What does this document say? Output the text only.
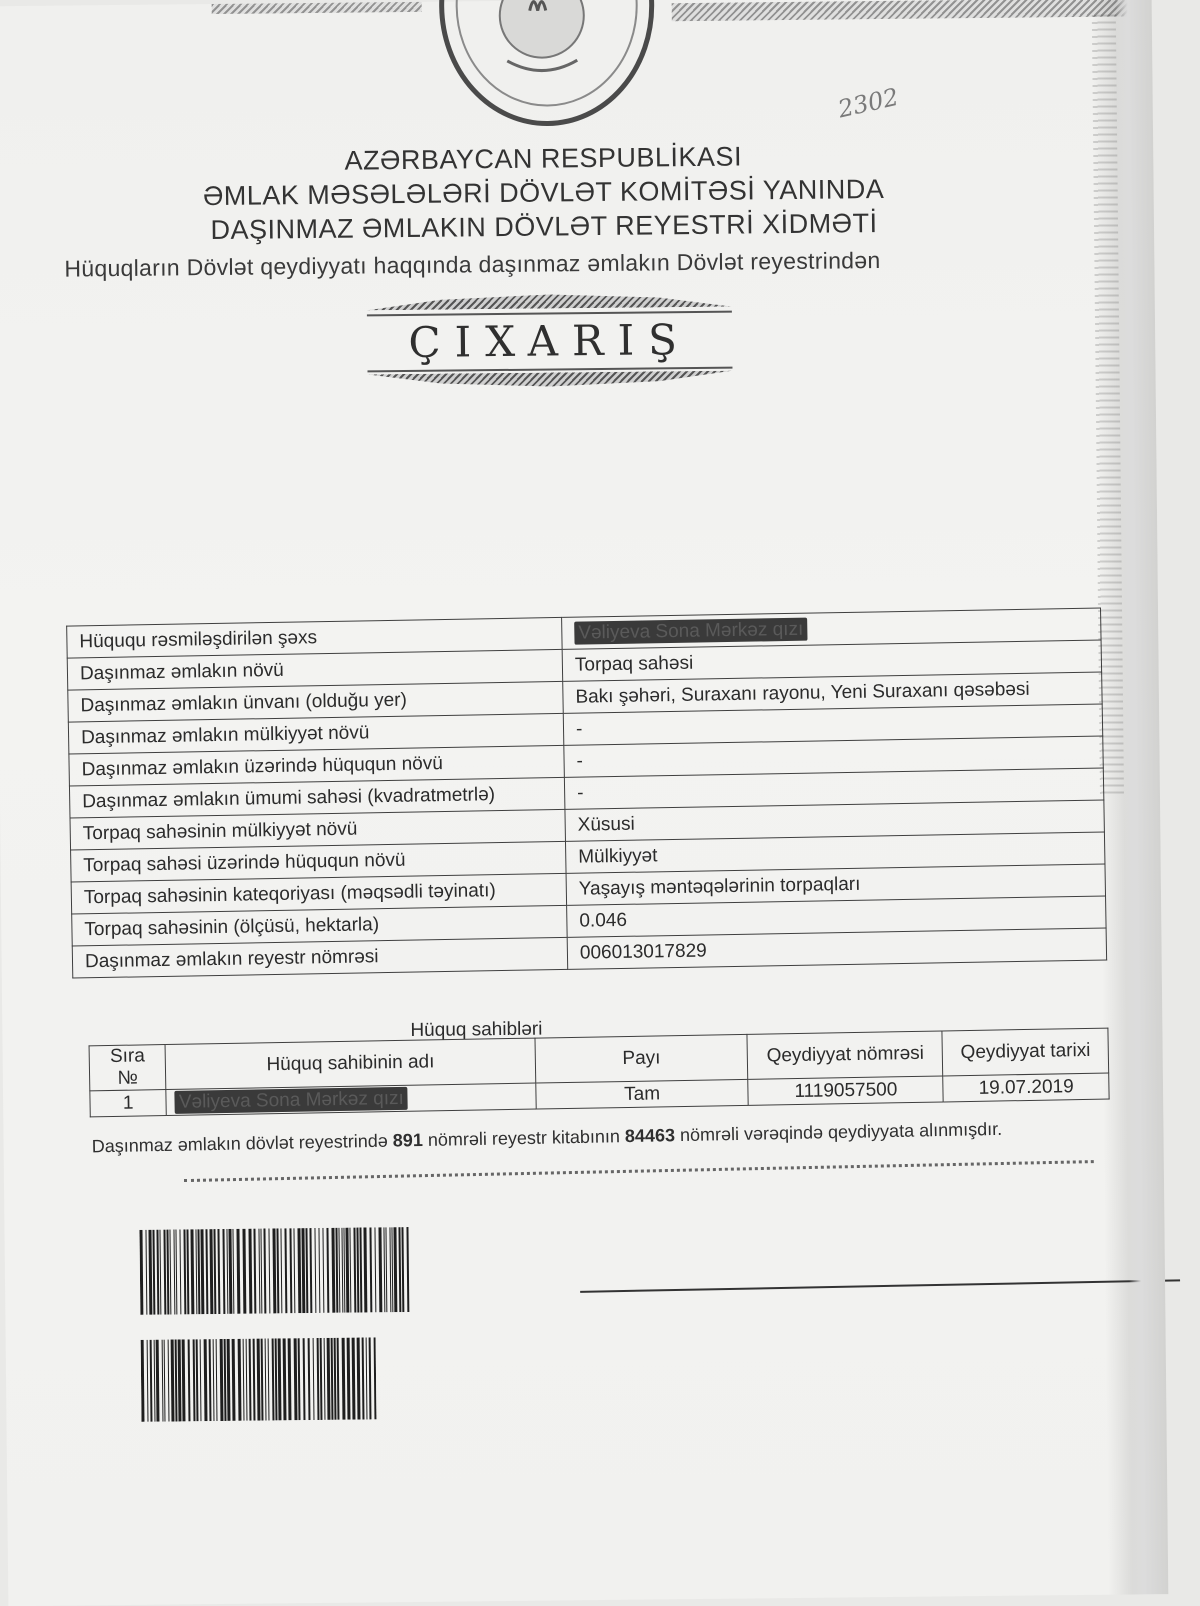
2302
AZƏRBAYCAN RESPUBLİKASI
ƏMLAK MƏSƏLƏLƏRİ DÖVLƏT KOMİTƏSİ YANINDA
DAŞINMAZ ƏMLAKIN DÖVLƏT REYESTRİ XİDMƏTİ
Hüquqların Dövlət qeydiyyatı haqqında daşınmaz əmlakın Dövlət reyestrindən
ÇIXARIŞ
Hüququ rəsmiləşdirilən şəxs	Vəliyeva Sona Mərkəz qızı
Daşınmaz əmlakın növü	Torpaq sahəsi
Daşınmaz əmlakın ünvanı (olduğu yer)	Bakı şəhəri, Suraxanı rayonu, Yeni Suraxanı qəsəbəsi
Daşınmaz əmlakın mülkiyyət növü	-
Daşınmaz əmlakın üzərində hüququn növü	-
Daşınmaz əmlakın ümumi sahəsi (kvadratmetrlə)	-
Torpaq sahəsinin mülkiyyət növü	Xüsusi
Torpaq sahəsi üzərində hüququn növü	Mülkiyyət
Torpaq sahəsinin kateqoriyası (məqsədli təyinatı)	Yaşayış məntəqələrinin torpaqları
Torpaq sahəsinin (ölçüsü, hektarla)	0.046
Daşınmaz əmlakın reyestr nömrəsi	006013017829
Hüquq sahibləri
Sıra №	Hüquq sahibinin adı	Payı	Qeydiyyat nömrəsi	Qeydiyyat tarixi
1	Vəliyeva Sona Mərkəz qızı	Tam	1119057500	19.07.2019
Daşınmaz əmlakın dövlət reyestrində 891 nömrəli reyestr kitabının 84463 nömrəli vərəqində qeydiyyata alınmışdır.
